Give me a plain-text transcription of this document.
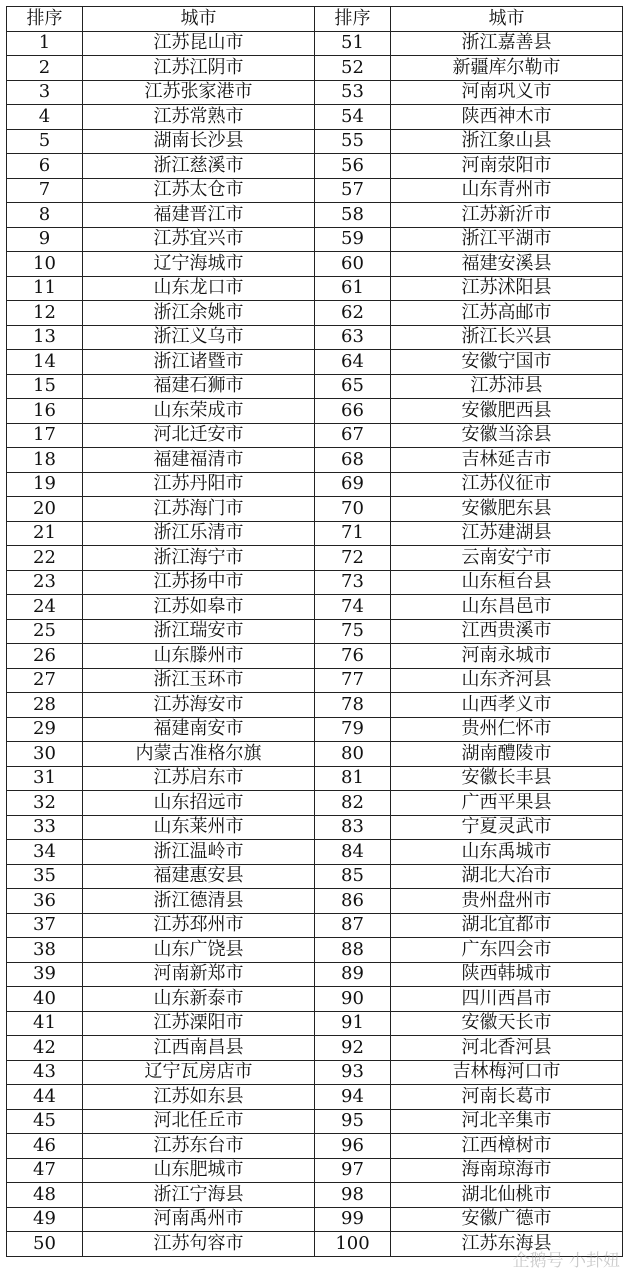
排序	城市	排序	城市
1	江苏昆山市	51	浙江嘉善县
2	江苏江阴市	52	新疆库尔勒市
3	江苏张家港市	53	河南巩义市
4	江苏常熟市	54	陕西神木市
5	湖南长沙县	55	浙江象山县
6	浙江慈溪市	56	河南荥阳市
7	江苏太仓市	57	山东青州市
8	福建晋江市	58	江苏新沂市
9	江苏宜兴市	59	浙江平湖市
10	辽宁海城市	60	福建安溪县
11	山东龙口市	61	江苏沭阳县
12	浙江余姚市	62	江苏高邮市
13	浙江义乌市	63	浙江长兴县
14	浙江诸暨市	64	安徽宁国市
15	福建石狮市	65	江苏沛县
16	山东荣成市	66	安徽肥西县
17	河北迁安市	67	安徽当涂县
18	福建福清市	68	吉林延吉市
19	江苏丹阳市	69	江苏仪征市
20	江苏海门市	70	安徽肥东县
21	浙江乐清市	71	江苏建湖县
22	浙江海宁市	72	云南安宁市
23	江苏扬中市	73	山东桓台县
24	江苏如皋市	74	山东昌邑市
25	浙江瑞安市	75	江西贵溪市
26	山东滕州市	76	河南永城市
27	浙江玉环市	77	山东齐河县
28	江苏海安市	78	山西孝义市
29	福建南安市	79	贵州仁怀市
30	内蒙古准格尔旗	80	湖南醴陵市
31	江苏启东市	81	安徽长丰县
32	山东招远市	82	广西平果县
33	山东莱州市	83	宁夏灵武市
34	浙江温岭市	84	山东禹城市
35	福建惠安县	85	湖北大冶市
36	浙江德清县	86	贵州盘州市
37	江苏邳州市	87	湖北宜都市
38	山东广饶县	88	广东四会市
39	河南新郑市	89	陕西韩城市
40	山东新泰市	90	四川西昌市
41	江苏溧阳市	91	安徽天长市
42	江西南昌县	92	河北香河县
43	辽宁瓦房店市	93	吉林梅河口市
44	江苏如东县	94	河南长葛市
45	河北任丘市	95	河北辛集市
46	江苏东台市	96	江西樟树市
47	山东肥城市	97	海南琼海市
48	浙江宁海县	98	湖北仙桃市
49	河南禹州市	99	安徽广德市
50	江苏句容市	100	江苏东海县
企鹅号 小卦妞
